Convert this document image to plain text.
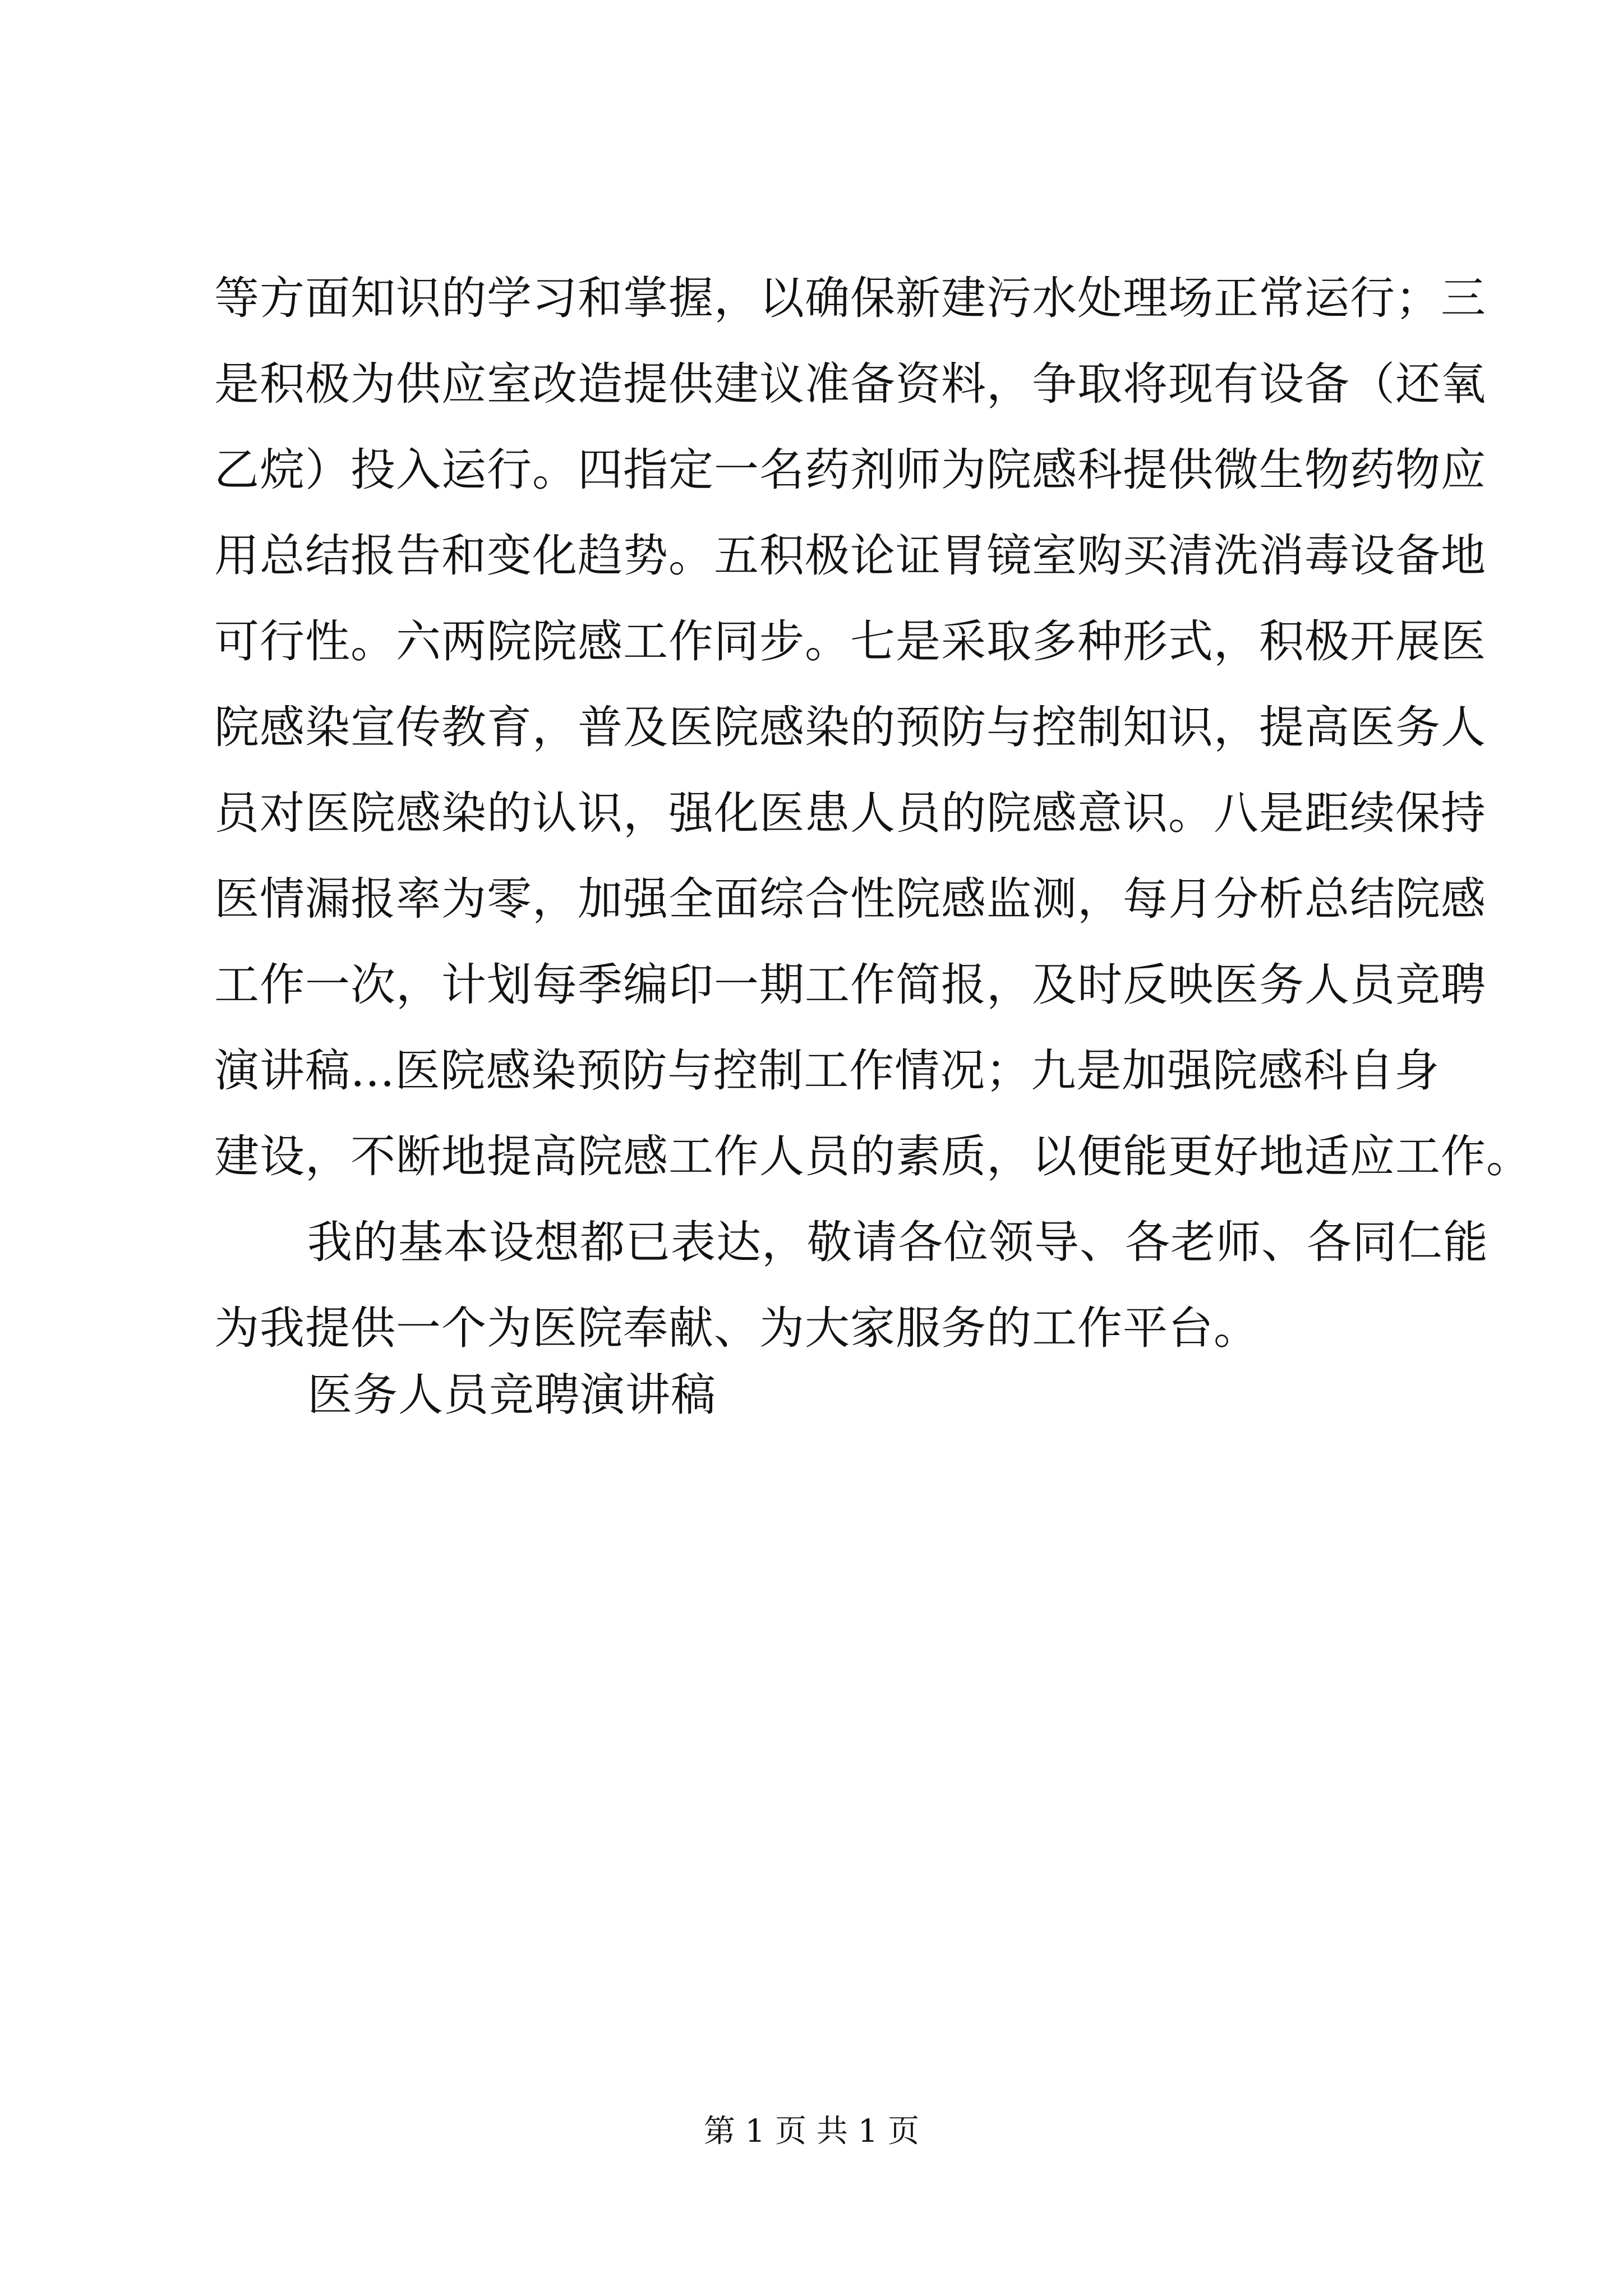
等方面知识的学习和掌握，以确保新建污水处理场正常运行；三
是积极为供应室改造提供建议准备资料，争取将现有设备（还氧
乙烷）投入运行。四指定一名药剂师为院感科提供微生物药物应
用总结报告和变化趋势。五积极论证胃镜室购买清洗消毒设备地
可行性。六两院院感工作同步。七是采取多种形式，积极开展医
院感染宣传教育，普及医院感染的预防与控制知识，提高医务人
员对医院感染的认识，强化医患人员的院感意识。八是距续保持
医情漏报率为零，加强全面综合性院感监测，每月分析总结院感
工作一次，计划每季编印一期工作简报，及时反映医务人员竞聘
演讲稿...医院感染预防与控制工作情况；九是加强院感科自身
建设，不断地提高院感工作人员的素质，以便能更好地适应工作。
我的基本设想都已表达，敬请各位领导、各老师、各同仁能
为我提供一个为医院奉献、为大家服务的工作平台。
医务人员竞聘演讲稿
第 1 页 共 1 页
